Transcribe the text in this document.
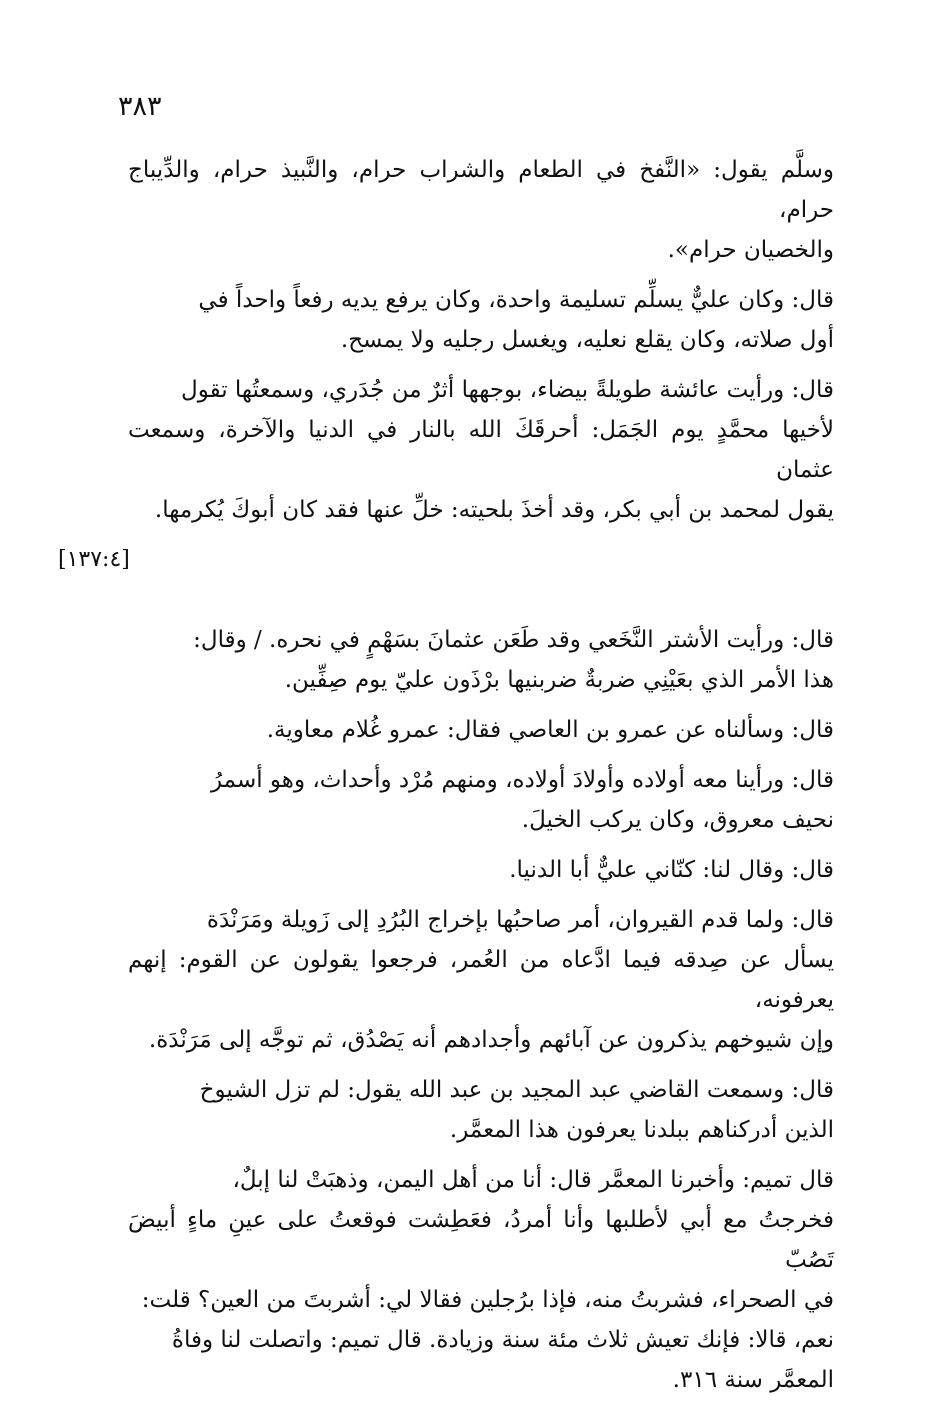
٣٨٣

وسلَّم يقول: «النَّفخ في الطعام والشراب حرام، والنَّبيذ حرام، والدِّيباج حرام،
والخصيان حرام».

قال: وكان عليٌّ يسلِّم تسليمة واحدة، وكان يرفع يديه رفعاً واحداً في
أول صلاته، وكان يقلع نعليه، ويغسل رجليه ولا يمسح.

قال: ورأيت عائشة طويلةً بيضاء، بوجهها أثرٌ من جُدَري، وسمعتُها تقول
لأخيها محمَّدٍ يوم الجَمَل: أحرقَكَ الله بالنار في الدنيا والآخرة، وسمعت عثمان
يقول لمحمد بن أبي بكر، وقد أخذَ بلحيته: خلِّ عنها فقد كان أبوكَ يُكرمها.

[١٣٧:٤]

قال: ورأيت الأشتر النَّخَعي وقد طَعَن عثمانَ بسَهْمٍ في نحره. / وقال:
هذا الأمر الذي بعَيْنِي ضربةٌ ضربنيها برْذَون عليّ يوم صِفِّين.

قال: وسألناه عن عمرو بن العاصي فقال: عمرو غُلام معاوية.

قال: ورأينا معه أولاده وأولادَ أولاده، ومنهم مُرْد وأحداث، وهو أسمرُ
نحيف معروق، وكان يركب الخيلَ.

قال: وقال لنا: كنّاني عليٌّ أبا الدنيا.

قال: ولما قدم القيروان، أمر صاحبُها بإخراج البُرُدِ إلى زَويلة ومَرَنْدَة
يسأل عن صِدقه فيما ادَّعاه من العُمر، فرجعوا يقولون عن القوم: إنهم يعرفونه،
وإن شيوخهم يذكرون عن آبائهم وأجدادهم أنه يَصْدُق، ثم توجَّه إلى مَرَنْدَة.

قال: وسمعت القاضي عبد المجيد بن عبد الله يقول: لم تزل الشيوخ
الذين أدركناهم ببلدنا يعرفون هذا المعمَّر.

قال تميم: وأخبرنا المعمَّر قال: أنا من أهل اليمن، وذهبَتْ لنا إبلٌ،
فخرجتُ مع أبي لأطلبها وأنا أمردُ، فعَطِشت فوقعتُ على عينِ ماءٍ أبيضَ تَصُبّ
في الصحراء، فشربتُ منه، فإذا برُجلين فقالا لي: أشربتَ من العين؟ قلت:
نعم، قالا: فإنك تعيش ثلاث مئة سنة وزيادة. قال تميم: واتصلت لنا وفاةُ
المعمَّر سنة ٣١٦.
